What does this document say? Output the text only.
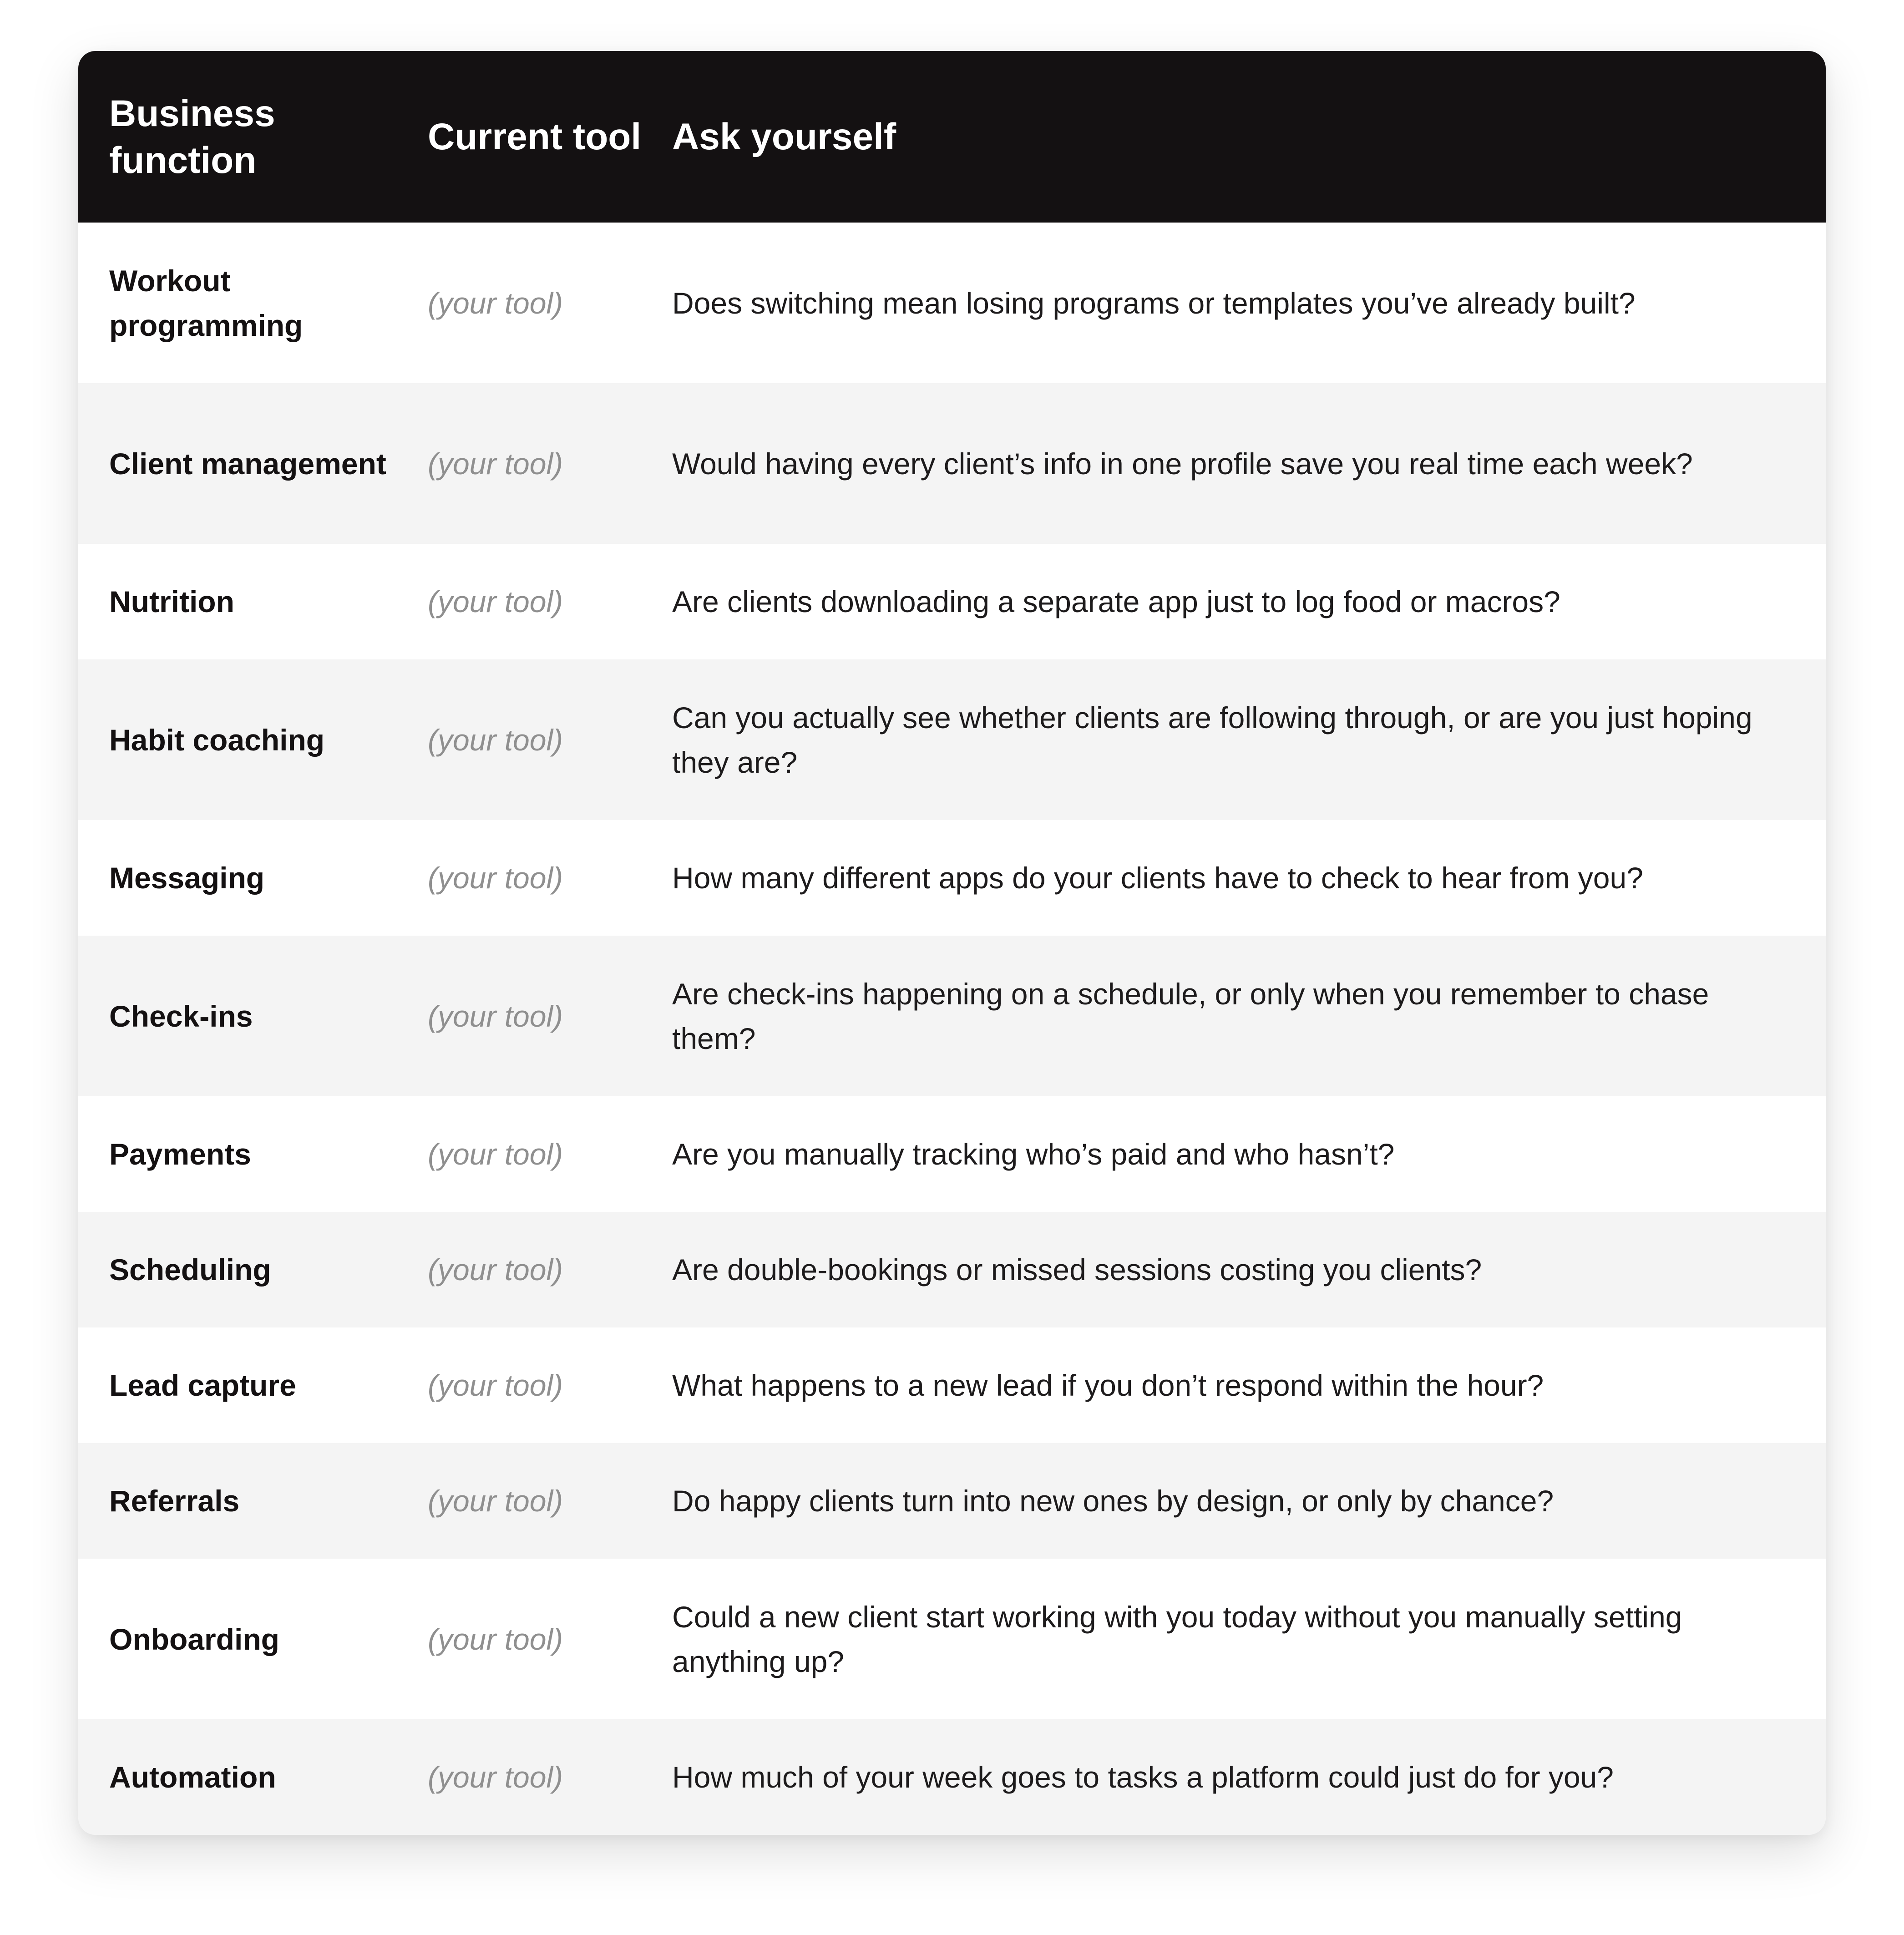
Business function	Current tool	Ask yourself
Workout programming	(your tool)	Does switching mean losing programs or templates you’ve already built?
Client management	(your tool)	Would having every client’s info in one profile save you real time each week?
Nutrition	(your tool)	Are clients downloading a separate app just to log food or macros?
Habit coaching	(your tool)	Can you actually see whether clients are following through, or are you just hoping they are?
Messaging	(your tool)	How many different apps do your clients have to check to hear from you?
Check-ins	(your tool)	Are check-ins happening on a schedule, or only when you remember to chase them?
Payments	(your tool)	Are you manually tracking who’s paid and who hasn’t?
Scheduling	(your tool)	Are double-bookings or missed sessions costing you clients?
Lead capture	(your tool)	What happens to a new lead if you don’t respond within the hour?
Referrals	(your tool)	Do happy clients turn into new ones by design, or only by chance?
Onboarding	(your tool)	Could a new client start working with you today without you manually setting anything up?
Automation	(your tool)	How much of your week goes to tasks a platform could just do for you?
